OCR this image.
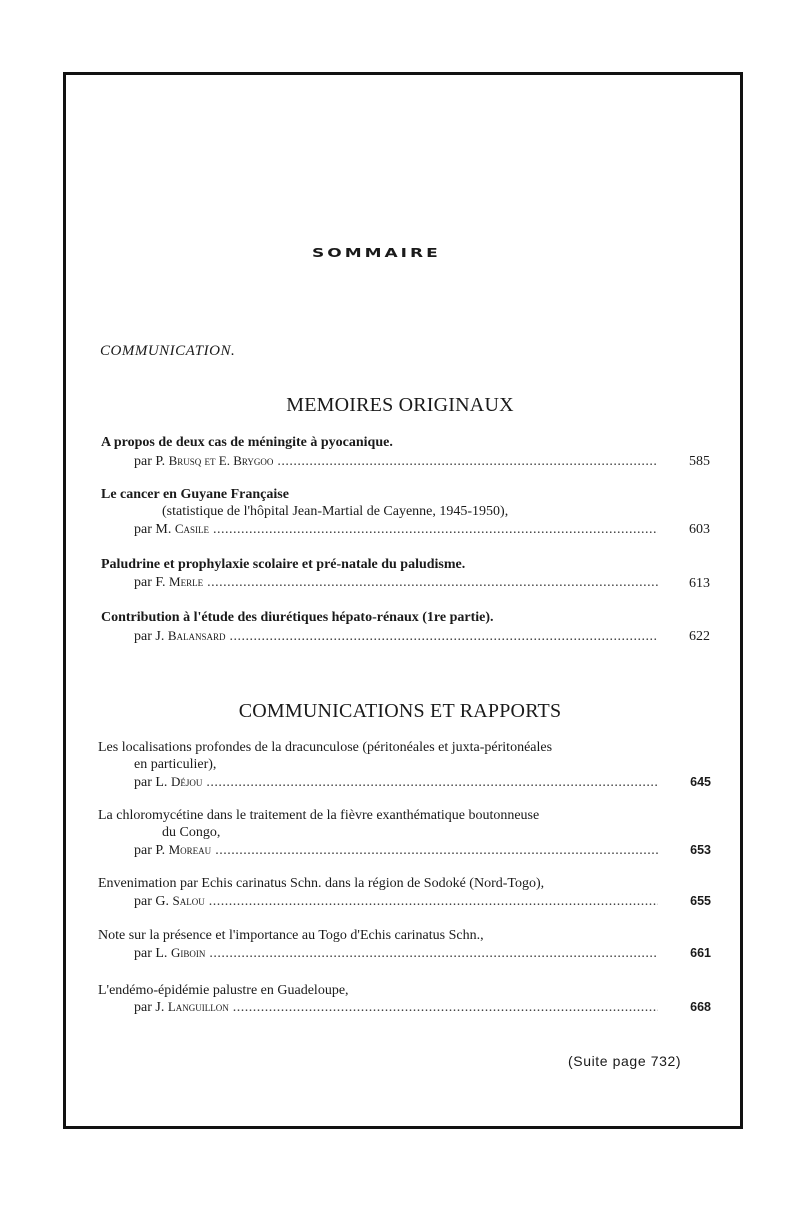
SOMMAIRE
COMMUNICATION.
MEMOIRES ORIGINAUX
A propos de deux cas de méningite à pyocanique.
par P. Brusq et E. Brygoo . . .	585
Le cancer en Guyane Française
(statistique de l'hôpital Jean-Martial de Cayenne, 1945-1950),
par M. Casile . . .	603
Paludrine et prophylaxie scolaire et pré-natale du paludisme.
par F. Merle . . .	613
Contribution à l'étude des diurétiques hépato-rénaux (1re partie).
par J. Balansard . . .	622
COMMUNICATIONS ET RAPPORTS
Les localisations profondes de la dracunculose (péritonéales et juxta-péritonéales
en particulier),
par L. Déjou . . .	645
La chloromycétine dans le traitement de la fièvre exanthématique boutonneuse
du Congo,
par P. Moreau . . .	653
Envenimation par Echis carinatus Schn. dans la région de Sodoké (Nord-Togo),
par G. Salou . . .	655
Note sur la présence et l'importance au Togo d'Echis carinatus Schn.,
par L. Giboin . . .	661
L'endémo-épidémie palustre en Guadeloupe,
par J. Languillon . . .	668
(Suite page 732)
